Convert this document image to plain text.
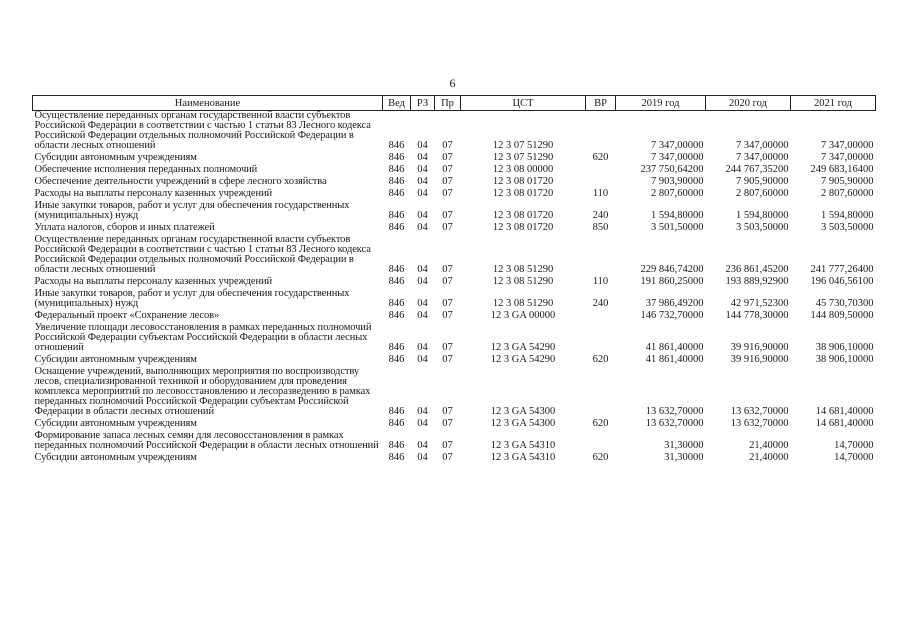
6
Наименование	Вед	РЗ	Пр	ЦСТ	ВР	2019 год	2020 год	2021 год
Осуществление переданных органам государственной власти субъектов Российской Федерации в соответствии с частью 1 статьи 83 Лесного кодекса Российской Федерации отдельных полномочий Российской Федерации в области лесных отношений	846	04	07	12 3 07 51290		7 347,00000	7 347,00000	7 347,00000
Субсидии автономным учреждениям	846	04	07	12 3 07 51290	620	7 347,00000	7 347,00000	7 347,00000
Обеспечение исполнения переданных полномочий	846	04	07	12 3 08 00000		237 750,64200	244 767,35200	249 683,16400
Обеспечение деятельности учреждений в сфере лесного хозяйства	846	04	07	12 3 08 01720		7 903,90000	7 905,90000	7 905,90000
Расходы на выплаты персоналу казенных учреждений	846	04	07	12 3 08 01720	110	2 807,60000	2 807,60000	2 807,60000
Иные закупки товаров, работ и услуг для обеспечения государственных (муниципальных) нужд	846	04	07	12 3 08 01720	240	1 594,80000	1 594,80000	1 594,80000
Уплата налогов, сборов и иных платежей	846	04	07	12 3 08 01720	850	3 501,50000	3 503,50000	3 503,50000
Осуществление переданных органам государственной власти субъектов Российской Федерации в соответствии с частью 1 статьи 83 Лесного кодекса Российской Федерации отдельных полномочий Российской Федерации в области лесных отношений	846	04	07	12 3 08 51290		229 846,74200	236 861,45200	241 777,26400
Расходы на выплаты персоналу казенных учреждений	846	04	07	12 3 08 51290	110	191 860,25000	193 889,92900	196 046,56100
Иные закупки товаров, работ и услуг для обеспечения государственных (муниципальных) нужд	846	04	07	12 3 08 51290	240	37 986,49200	42 971,52300	45 730,70300
Федеральный проект «Сохранение лесов»	846	04	07	12 3 GA 00000		146 732,70000	144 778,30000	144 809,50000
Увеличение площади лесовосстановления в рамках переданных полномочий Российской Федерации субъектам Российской Федерации в области лесных отношений	846	04	07	12 3 GA 54290		41 861,40000	39 916,90000	38 906,10000
Субсидии автономным учреждениям	846	04	07	12 3 GA 54290	620	41 861,40000	39 916,90000	38 906,10000
Оснащение учреждений, выполняющих мероприятия по воспроизводству лесов, специализированной техникой и оборудованием для проведения комплекса мероприятий по лесовосстановлению и лесоразведению в рамках переданных полномочий Российской Федерации субъектам Российской Федерации в области лесных отношений	846	04	07	12 3 GA 54300		13 632,70000	13 632,70000	14 681,40000
Субсидии автономным учреждениям	846	04	07	12 3 GA 54300	620	13 632,70000	13 632,70000	14 681,40000
Формирование запаса лесных семян для лесовосстановления в рамках переданных полномочий Российской Федерации в области лесных отношений	846	04	07	12 3 GA 54310		31,30000	21,40000	14,70000
Субсидии автономным учреждениям	846	04	07	12 3 GA 54310	620	31,30000	21,40000	14,70000
